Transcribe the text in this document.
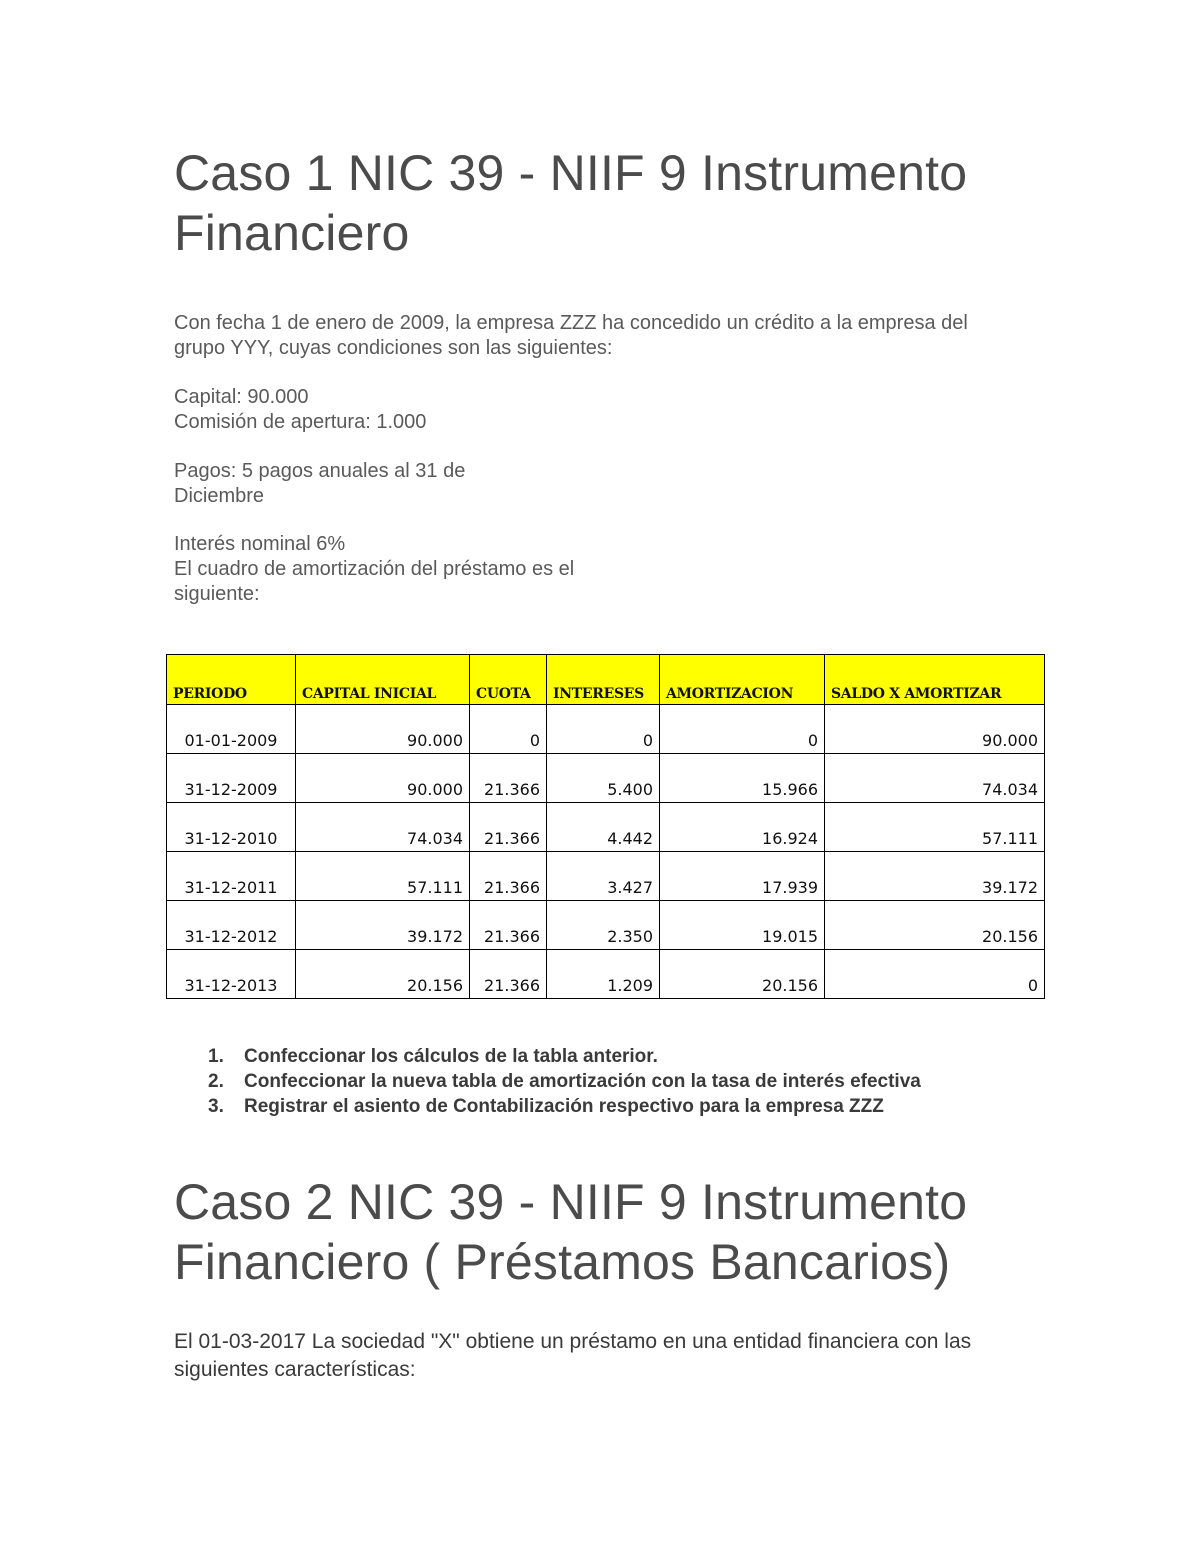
Caso 1 NIC 39 - NIIF 9 Instrumento
Financiero

Con fecha 1 de enero de 2009, la empresa ZZZ ha concedido un crédito a la empresa del
grupo YYY, cuyas condiciones son las siguientes:

Capital: 90.000
Comisión de apertura: 1.000

Pagos: 5 pagos anuales al 31 de
Diciembre

Interés nominal 6%
El cuadro de amortización del préstamo es el
siguiente:

PERIODO	CAPITAL INICIAL	CUOTA	INTERESES	AMORTIZACION	SALDO X AMORTIZAR
01-01-2009	90.000	0	0	0	90.000
31-12-2009	90.000	21.366	5.400	15.966	74.034
31-12-2010	74.034	21.366	4.442	16.924	57.111
31-12-2011	57.111	21.366	3.427	17.939	39.172
31-12-2012	39.172	21.366	2.350	19.015	20.156
31-12-2013	20.156	21.366	1.209	20.156	0
1. Confeccionar los cálculos de la tabla anterior.
2. Confeccionar la nueva tabla de amortización con la tasa de interés efectiva
3. Registrar el asiento de Contabilización respectivo para la empresa ZZZ
Caso 2 NIC 39 - NIIF 9 Instrumento
Financiero ( Préstamos Bancarios)

El 01-03-2017 La sociedad "X" obtiene un préstamo en una entidad financiera con las
siguientes características:
